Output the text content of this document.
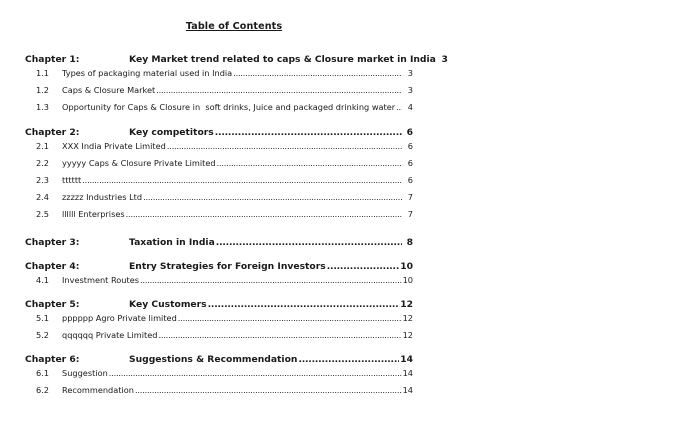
Table of Contents
Chapter 1:	Key Market trend related to caps & Closure market in India 3
1.1	Types of packaging material used in India .....	3
1.2	Caps & Closure Market .....	3
1.3	Opportunity for Caps & Closure in  soft drinks, Juice and packaged drinking water .....	4
Chapter 2:	Key competitors .....	6
2.1	XXX India Private Limited .....	6
2.2	yyyyy Caps & Closure Private Limited .....	6
2.3	tttttt .....	6
2.4	zzzzz Industries Ltd .....	7
2.5	llllll Enterprises .....	7
Chapter 3:	Taxation in India .....	8
Chapter 4:	Entry Strategies for Foreign Investors .....	10
4.1	Investment Routes .....	10
Chapter 5:	Key Customers .....	12
5.1	pppppp Agro Private limited .....	12
5.2	qqqqqq Private Limited .....	12
Chapter 6:	Suggestions & Recommendation .....	14
6.1	Suggestion .....	14
6.2	Recommendation .....	14
